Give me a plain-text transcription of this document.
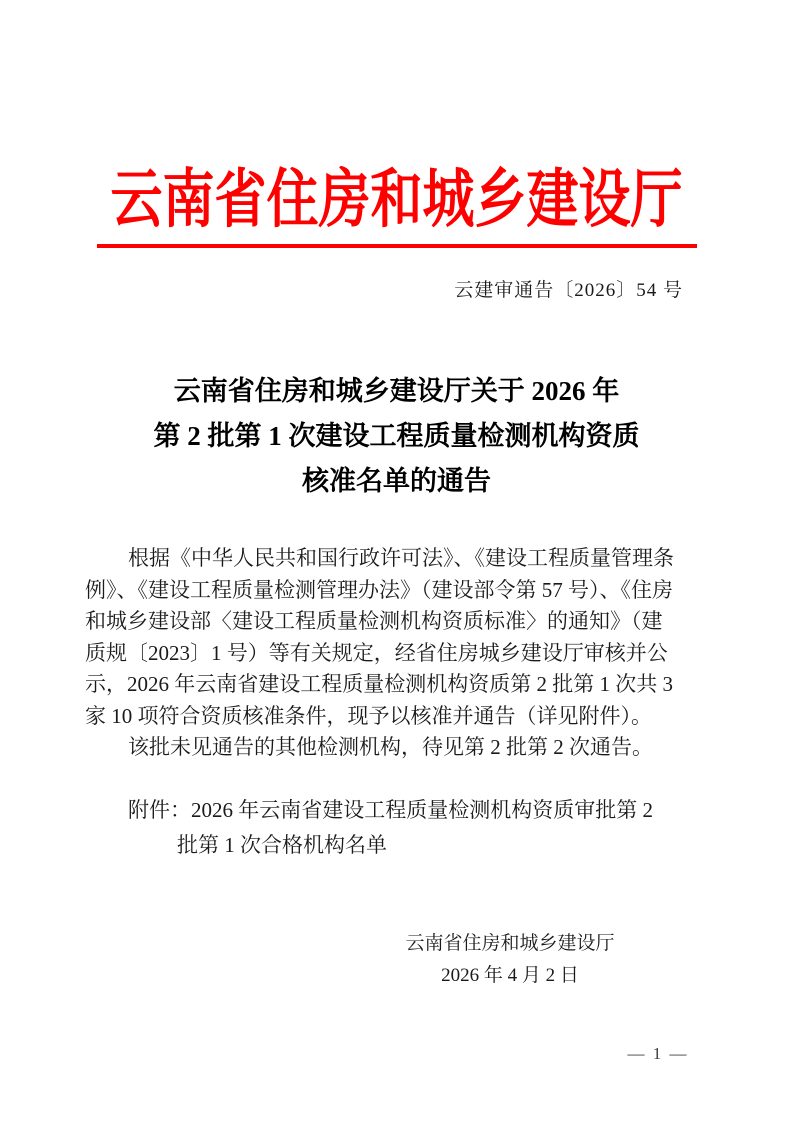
云南省住房和城乡建设厅
云建审通告〔2026〕54 号
云南省住房和城乡建设厅关于 2026 年
第 2 批第 1 次建设工程质量检测机构资质
核准名单的通告
根据《中华人民共和国行政许可法》、《建设工程质量管理条
例》、《建设工程质量检测管理办法》（建设部令第 57 号）、《住房
和城乡建设部〈建设工程质量检测机构资质标准〉的通知》（建
质规〔2023〕1 号）等有关规定，经省住房城乡建设厅审核并公
示，2026 年云南省建设工程质量检测机构资质第 2 批第 1 次共 3
家 10 项符合资质核准条件，现予以核准并通告（详见附件）。
该批未见通告的其他检测机构，待见第 2 批第 2 次通告。
附件：2026 年云南省建设工程质量检测机构资质审批第 2
批第 1 次合格机构名单
云南省住房和城乡建设厅
2026 年 4 月 2 日
— 1 —
